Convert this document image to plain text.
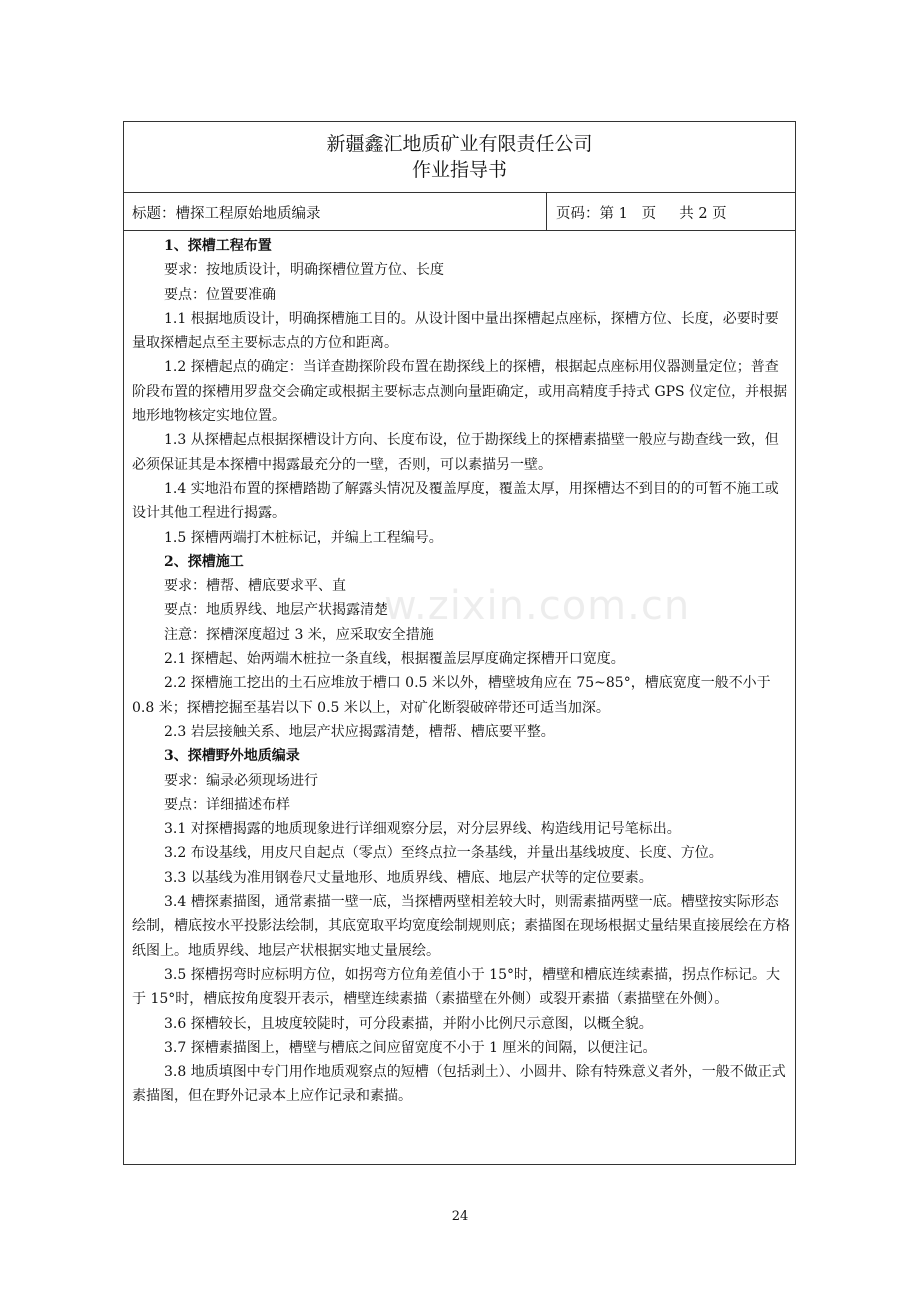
新疆鑫汇地质矿业有限责任公司
作业指导书
标题：槽探工程原始地质编录	页码：第 1   页     共 2 页

1、探槽工程布置

要求：按地质设计，明确探槽位置方位、长度

要点：位置要准确

1.1 根据地质设计，明确探槽施工目的。从设计图中量出探槽起点座标，探槽方位、长度，必要时要量取探槽起点至主要标志点的方位和距离。

1.2 探槽起点的确定：当详查勘探阶段布置在勘探线上的探槽，根据起点座标用仪器测量定位；普查阶段布置的探槽用罗盘交会确定或根据主要标志点测向量距确定，或用高精度手持式 GPS 仪定位，并根据地形地物核定实地位置。

1.3 从探槽起点根据探槽设计方向、长度布设，位于勘探线上的探槽素描壁一般应与勘查线一致，但必须保证其是本探槽中揭露最充分的一壁，否则，可以素描另一壁。

1.4 实地沿布置的探槽踏勘了解露头情况及覆盖厚度，覆盖太厚，用探槽达不到目的的可暂不施工或设计其他工程进行揭露。

1.5 探槽两端打木桩标记，并编上工程编号。

2、探槽施工

要求：槽帮、槽底要求平、直

要点：地质界线、地层产状揭露清楚

注意：探槽深度超过 3 米，应采取安全措施

2.1 探槽起、始两端木桩拉一条直线，根据覆盖层厚度确定探槽开口宽度。

2.2 探槽施工挖出的土石应堆放于槽口 0.5 米以外，槽壁坡角应在 75~85°，槽底宽度一般不小于 0.8 米；探槽挖掘至基岩以下 0.5 米以上，对矿化断裂破碎带还可适当加深。

2.3 岩层接触关系、地层产状应揭露清楚，槽帮、槽底要平整。

3、探槽野外地质编录

要求：编录必须现场进行

要点：详细描述布样

3.1 对探槽揭露的地质现象进行详细观察分层，对分层界线、构造线用记号笔标出。

3.2 布设基线，用皮尺自起点（零点）至终点拉一条基线，并量出基线坡度、长度、方位。

3.3 以基线为准用钢卷尺丈量地形、地质界线、槽底、地层产状等的定位要素。

3.4 槽探素描图，通常素描一壁一底，当探槽两壁相差较大时，则需素描两壁一底。槽壁按实际形态绘制，槽底按水平投影法绘制，其底宽取平均宽度绘制规则底；素描图在现场根据丈量结果直接展绘在方格纸图上。地质界线、地层产状根据实地丈量展绘。

3.5 探槽拐弯时应标明方位，如拐弯方位角差值小于 15°时，槽壁和槽底连续素描，拐点作标记。大于 15°时，槽底按角度裂开表示，槽壁连续素描（素描壁在外侧）或裂开素描（素描壁在外侧）。

3.6 探槽较长，且坡度较陡时，可分段素描，并附小比例尺示意图，以概全貌。

3.7 探槽素描图上，槽壁与槽底之间应留宽度不小于 1 厘米的间隔，以便注记。

3.8 地质填图中专门用作地质观察点的短槽（包括剥土）、小圆井、除有特殊意义者外，一般不做正式素描图，但在野外记录本上应作记录和素描。

w.zixin.com.cn
24
